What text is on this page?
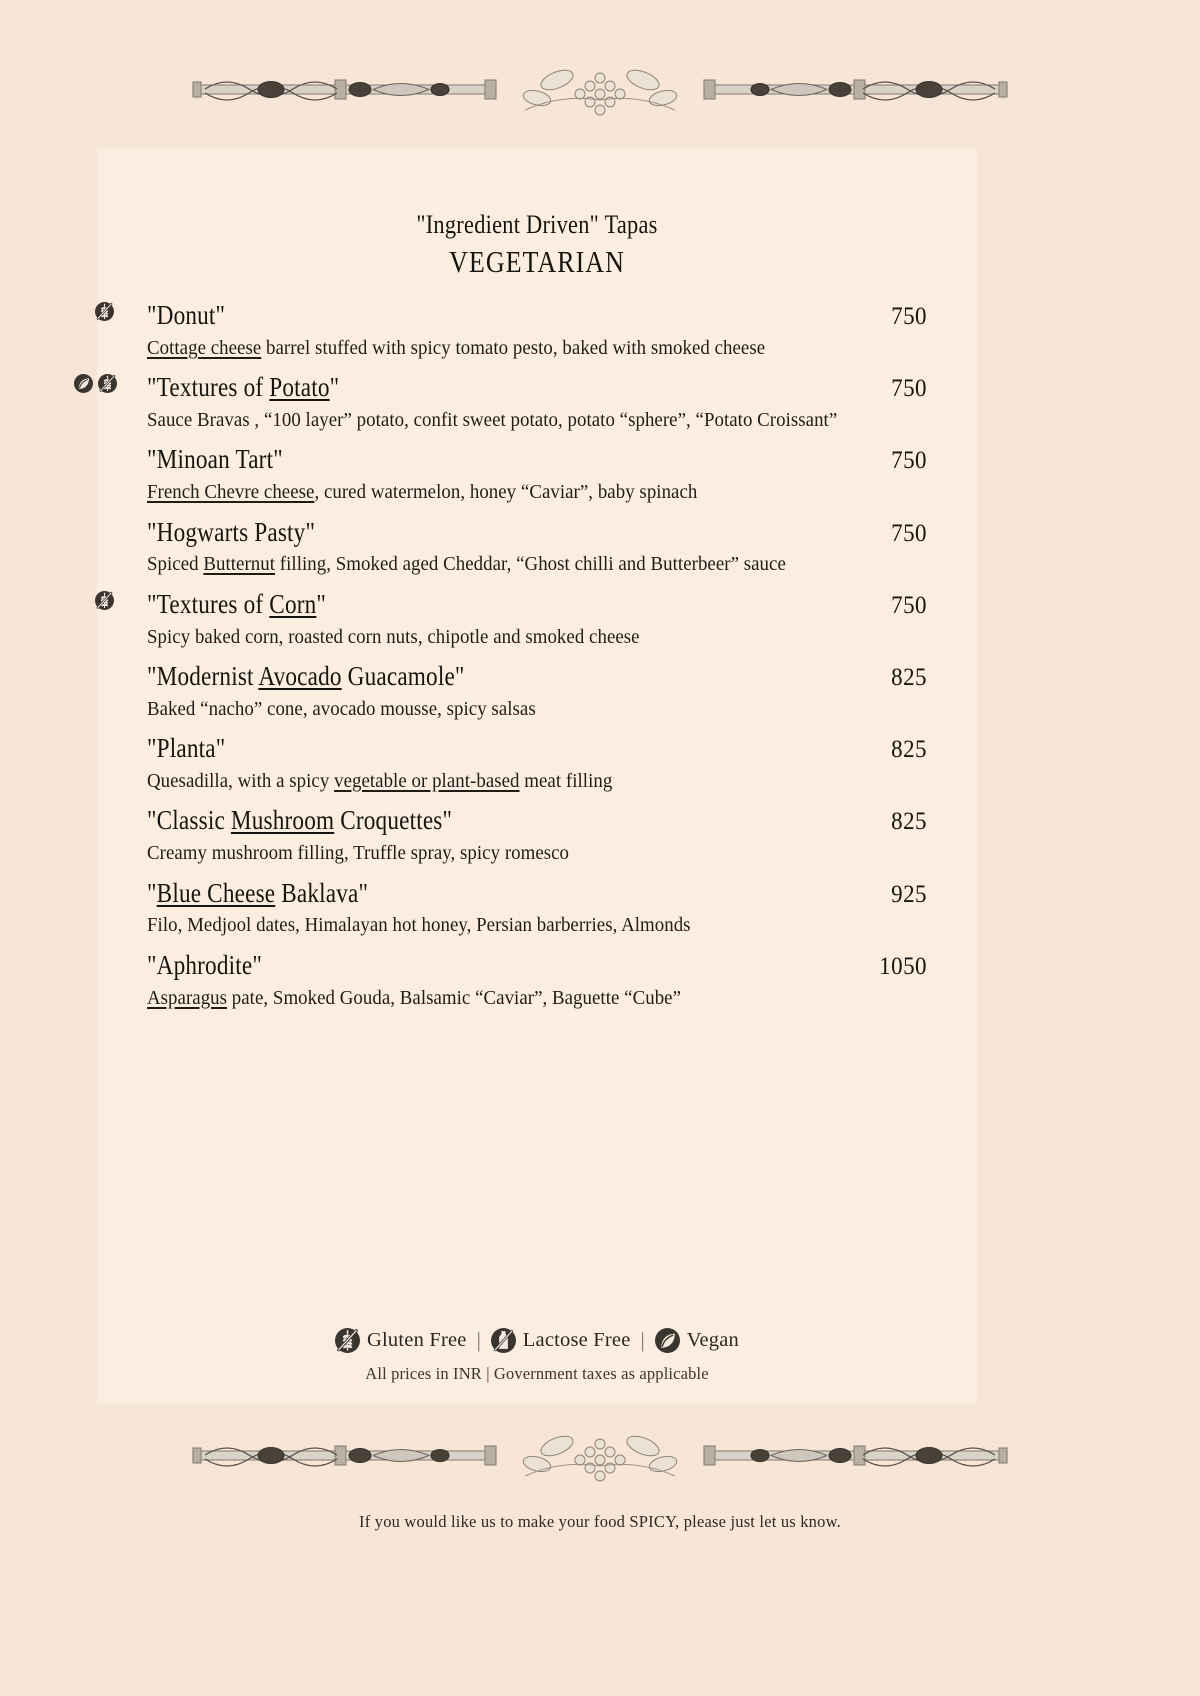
"Ingredient Driven" Tapas
VEGETARIAN
"Donut"	750
Cottage cheese barrel stuffed with spicy tomato pesto, baked with smoked cheese
"Textures of Potato"	750
Sauce Bravas , “100 layer” potato, confit sweet potato, potato “sphere”, “Potato Croissant”
"Minoan Tart"	750
French Chevre cheese, cured watermelon, honey “Caviar”, baby spinach
"Hogwarts Pasty"	750
Spiced Butternut filling, Smoked aged Cheddar, “Ghost chilli and Butterbeer” sauce
"Textures of Corn"	750
Spicy baked corn, roasted corn nuts, chipotle and smoked cheese
"Modernist Avocado Guacamole"	825
Baked “nacho” cone, avocado mousse, spicy salsas
"Planta"	825
Quesadilla, with a spicy vegetable or plant-based meat filling
"Classic Mushroom Croquettes"	825
Creamy mushroom filling, Truffle spray, spicy romesco
"Blue Cheese Baklava"	925
Filo, Medjool dates, Himalayan hot honey, Persian barberries, Almonds
"Aphrodite"	1050
Asparagus pate, Smoked Gouda, Balsamic “Caviar”, Baguette “Cube”
Gluten Free | Lactose Free | Vegan
All prices in INR | Government taxes as applicable
If you would like us to make your food SPICY, please just let us know.
